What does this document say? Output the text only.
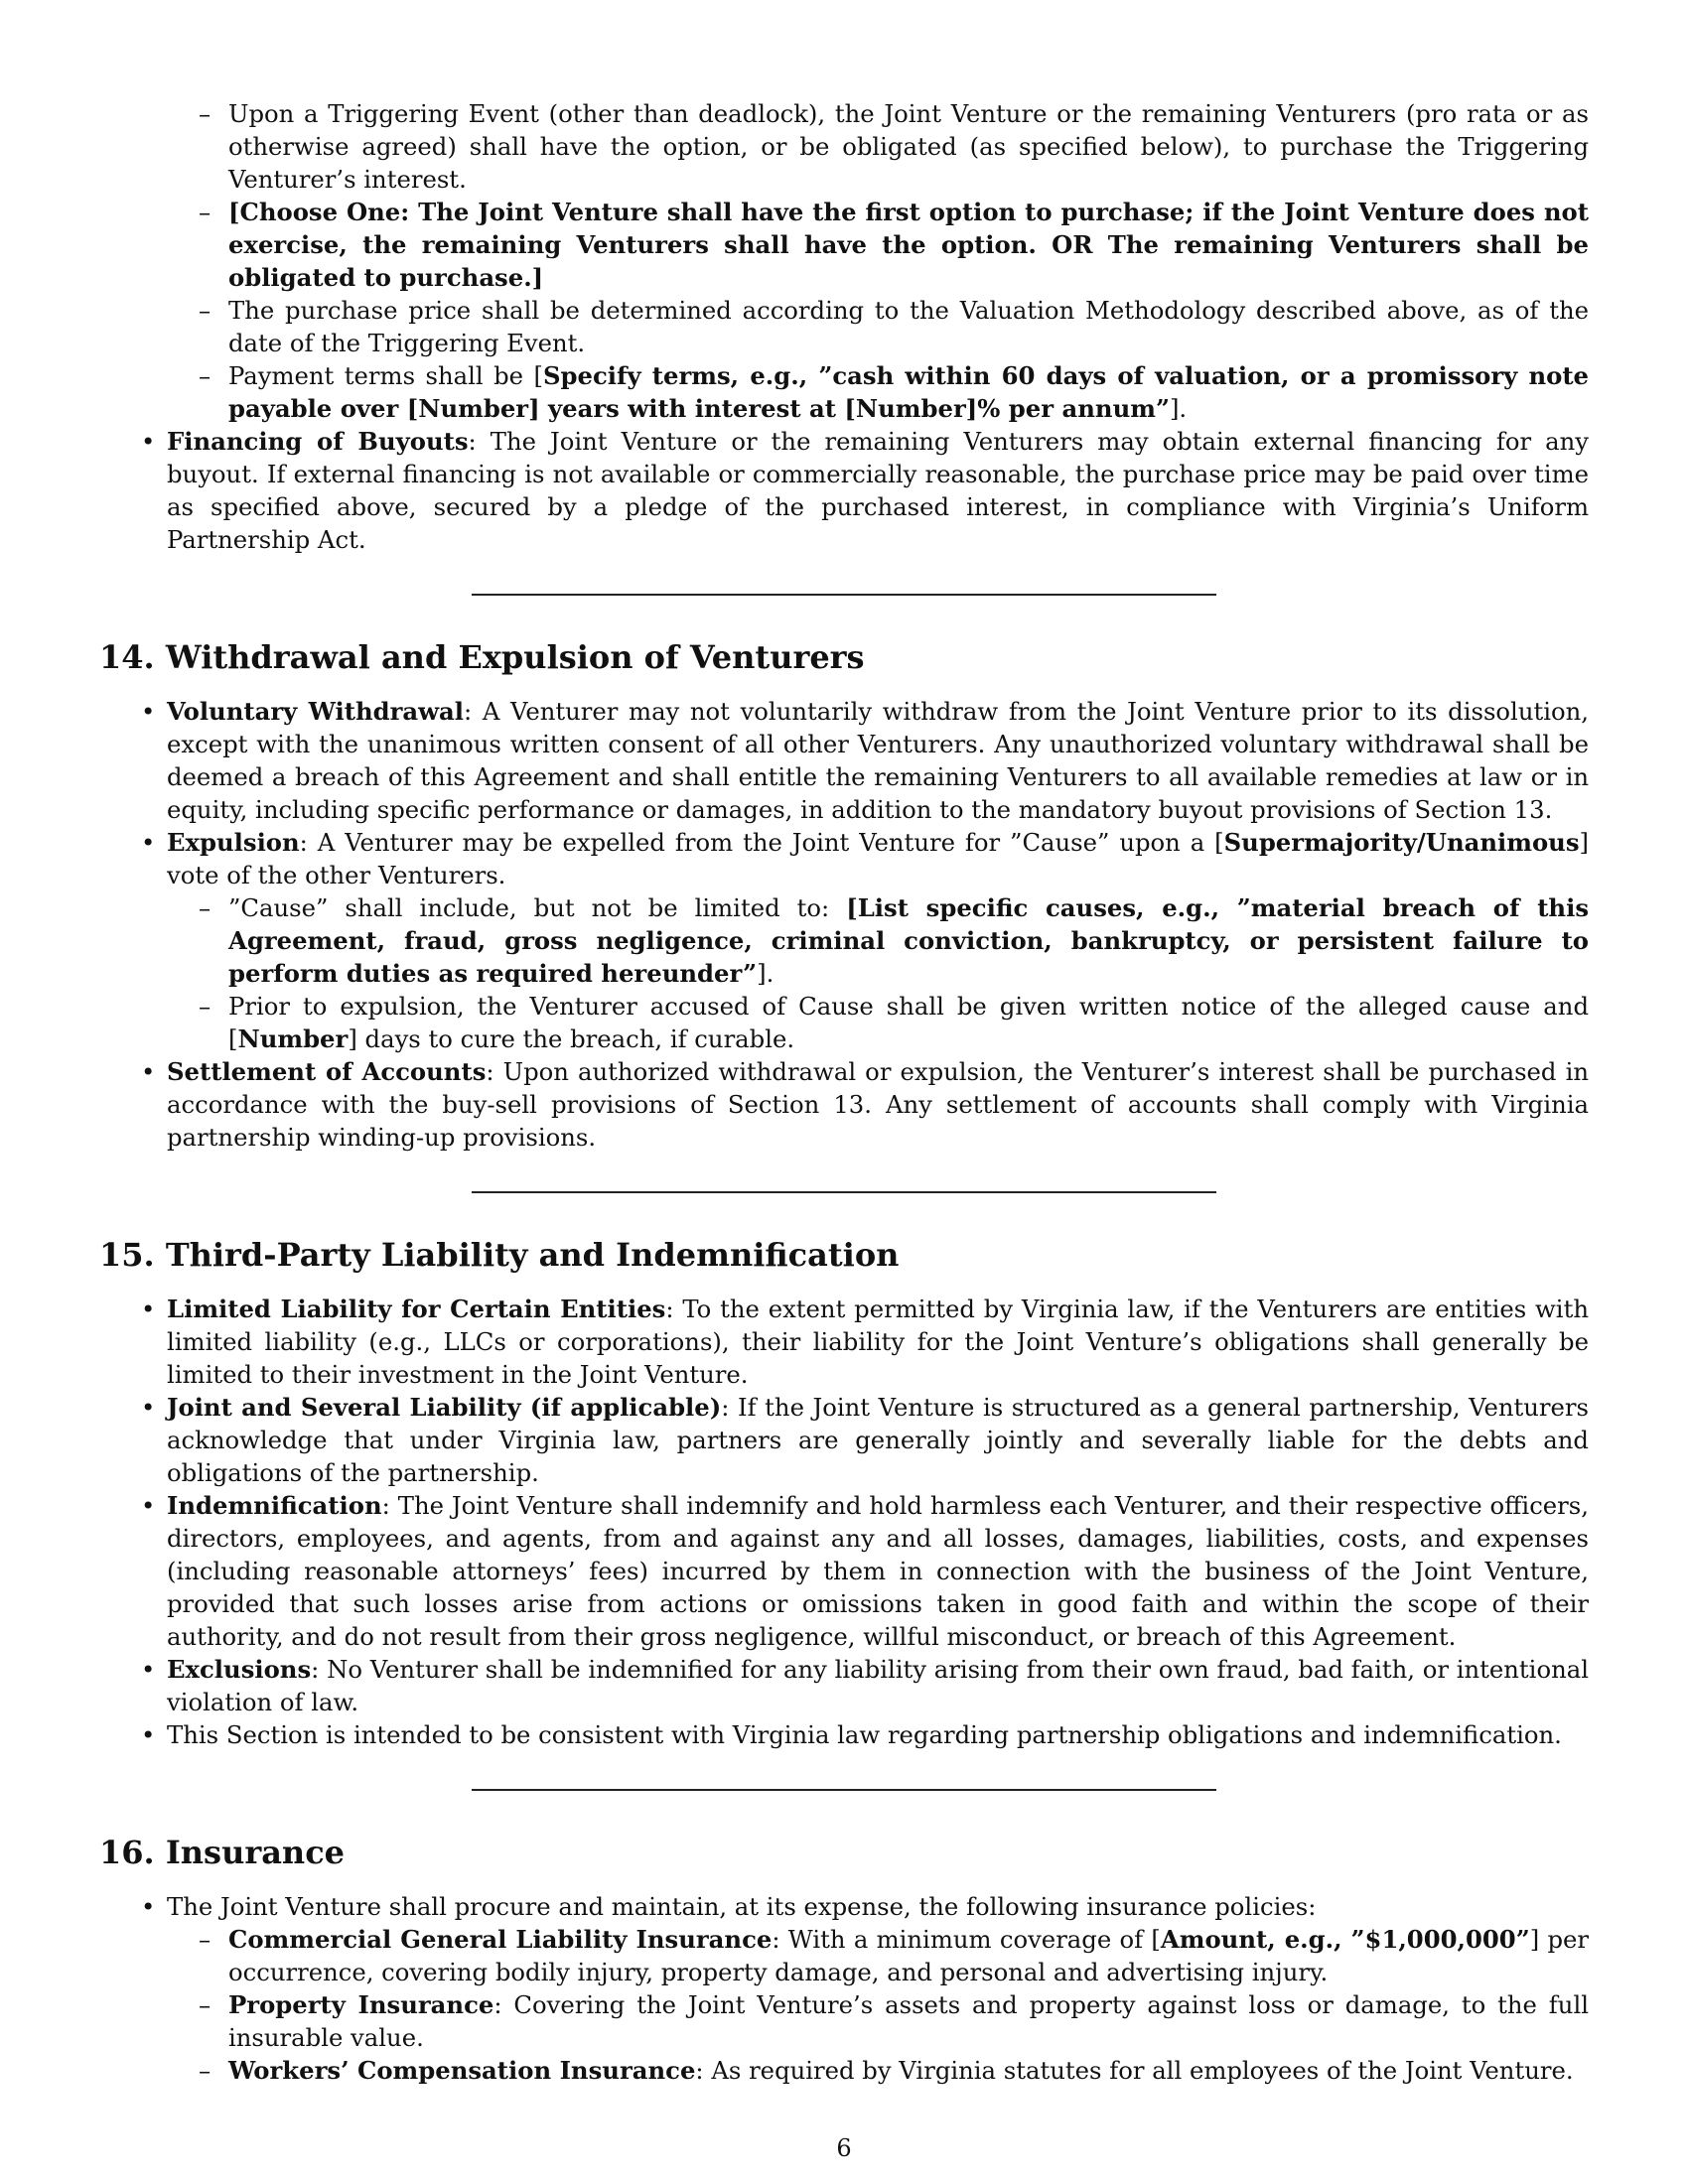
– Upon a Triggering Event (other than deadlock), the Joint Venture or the remaining Venturers (pro rata or as otherwise agreed) shall have the option, or be obligated (as specified below), to purchase the Triggering Venturer’s interest.
– [Choose One: The Joint Venture shall have the first option to purchase; if the Joint Venture does not exercise, the remaining Venturers shall have the option. OR The remaining Venturers shall be obligated to purchase.]
– The purchase price shall be determined according to the Valuation Methodology described above, as of the date of the Triggering Event.
– Payment terms shall be [Specify terms, e.g., ”cash within 60 days of valuation, or a promissory note payable over [Number] years with interest at [Number]% per annum”].
• Financing of Buyouts: The Joint Venture or the remaining Venturers may obtain external financing for any buyout. If external financing is not available or commercially reasonable, the purchase price may be paid over time as specified above, secured by a pledge of the purchased interest, in compliance with Virginia’s Uniform Partnership Act.
14. Withdrawal and Expulsion of Venturers
• Voluntary Withdrawal: A Venturer may not voluntarily withdraw from the Joint Venture prior to its dissolution, except with the unanimous written consent of all other Venturers. Any unauthorized voluntary withdrawal shall be deemed a breach of this Agreement and shall entitle the remaining Venturers to all available remedies at law or in equity, including specific performance or damages, in addition to the mandatory buyout provisions of Section 13.
• Expulsion: A Venturer may be expelled from the Joint Venture for ”Cause” upon a [Supermajority/Unanimous] vote of the other Venturers.
– ”Cause” shall include, but not be limited to: [List specific causes, e.g., ”material breach of this Agreement, fraud, gross negligence, criminal conviction, bankruptcy, or persistent failure to perform duties as required hereunder”].
– Prior to expulsion, the Venturer accused of Cause shall be given written notice of the alleged cause and [Number] days to cure the breach, if curable.
• Settlement of Accounts: Upon authorized withdrawal or expulsion, the Venturer’s interest shall be purchased in accordance with the buy-sell provisions of Section 13. Any settlement of accounts shall comply with Virginia partnership winding-up provisions.
15. Third-Party Liability and Indemnification
• Limited Liability for Certain Entities: To the extent permitted by Virginia law, if the Venturers are entities with limited liability (e.g., LLCs or corporations), their liability for the Joint Venture’s obligations shall generally be limited to their investment in the Joint Venture.
• Joint and Several Liability (if applicable): If the Joint Venture is structured as a general partnership, Venturers acknowledge that under Virginia law, partners are generally jointly and severally liable for the debts and obligations of the partnership.
• Indemnification: The Joint Venture shall indemnify and hold harmless each Venturer, and their respective officers, directors, employees, and agents, from and against any and all losses, damages, liabilities, costs, and expenses (including reasonable attorneys’ fees) incurred by them in connection with the business of the Joint Venture, provided that such losses arise from actions or omissions taken in good faith and within the scope of their authority, and do not result from their gross negligence, willful misconduct, or breach of this Agreement.
• Exclusions: No Venturer shall be indemnified for any liability arising from their own fraud, bad faith, or intentional violation of law.
• This Section is intended to be consistent with Virginia law regarding partnership obligations and indemnification.
16. Insurance
• The Joint Venture shall procure and maintain, at its expense, the following insurance policies:
– Commercial General Liability Insurance: With a minimum coverage of [Amount, e.g., ”$1,000,000”] per occurrence, covering bodily injury, property damage, and personal and advertising injury.
– Property Insurance: Covering the Joint Venture’s assets and property against loss or damage, to the full insurable value.
– Workers’ Compensation Insurance: As required by Virginia statutes for all employees of the Joint Venture.
6
